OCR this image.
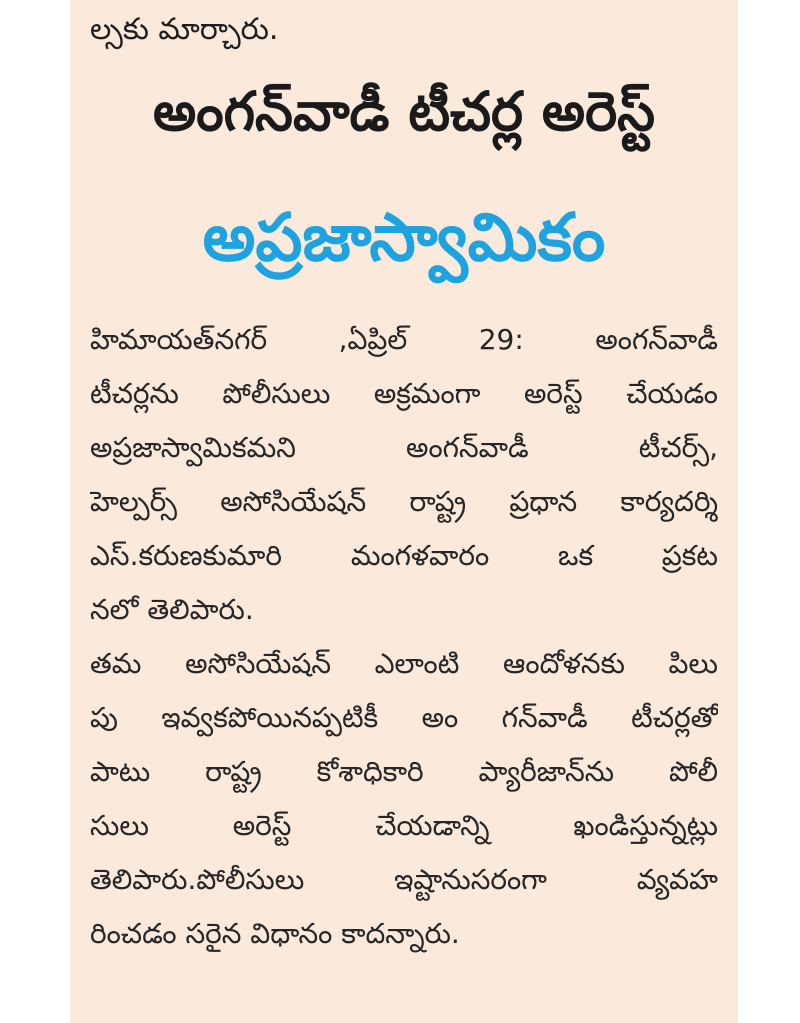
ల్సకు మార్చారు.
అంగన్‌వాడీ టీచర్ల అరెస్ట్
అప్రజాస్వామికం
హిమాయత్‌నగర్ ,ఏప్రిల్ 29: అంగన్‌వాడీ
టీచర్లను పోలీసులు అక్రమంగా అరెస్ట్ చేయడం
అప్రజాస్వామికమని అంగన్‌వాడీ టీచర్స్,
హెల్పర్స్ అసోసియేషన్ రాష్ట్ర ప్రధాన కార్యదర్శి
ఎస్.కరుణకుమారి మంగళవారం ఒక ప్రకట
నలో తెలిపారు.
తమ అసోసియేషన్ ఎలాంటి ఆందోళనకు పిలు
పు ఇవ్వకపోయినప్పటికీ అం గన్‌వాడీ టీచర్లతో
పాటు రాష్ట్ర కోశాధికారి ప్యారీజాన్‌ను పోలీ
సులు అరెస్ట్ చేయడాన్ని ఖండిస్తున్నట్లు
తెలిపారు.పోలీసులు ఇష్టానుసరంగా వ్యవహ
రించడం సరైన విధానం కాదన్నారు.
